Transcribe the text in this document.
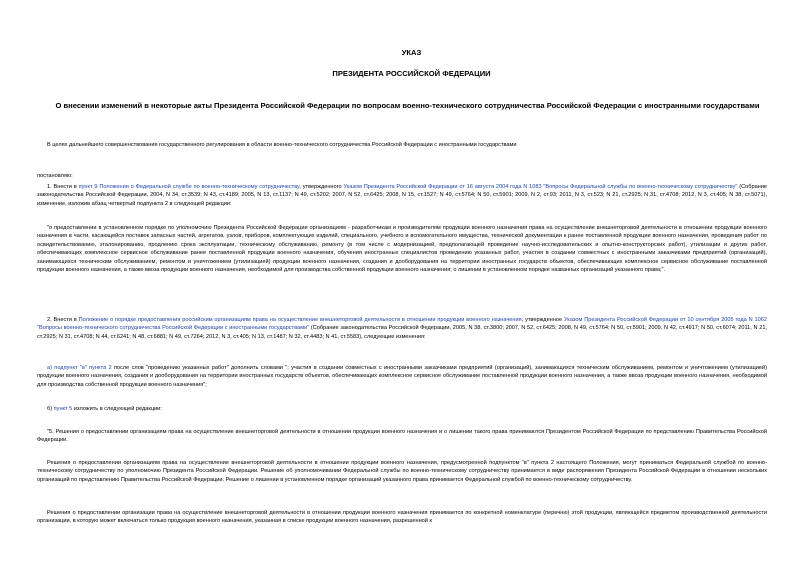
УКАЗ
ПРЕЗИДЕНТА РОССИЙСКОЙ ФЕДЕРАЦИИ
О внесении изменений в некоторые акты Президента Российской Федерации по вопросам военно-технического сотрудничества Российской Федерации с иностранными государствами

В целях дальнейшего совершенствования государственного регулирования в области военно-технического сотрудничества Российской Федерации с иностранными государствами

постановляю:

1. Внести в пункт 9 Положения о Федеральной службе по военно-техническому сотрудничеству, утвержденного Указом Президента Российской Федерации от 16 августа 2004 года N 1083 "Вопросы Федеральной службы по военно-техническому сотрудничеству" (Собрание законодательства Российской Федерации, 2004, N 34, ст.3539; N 43, ст.4189; 2005, N 13, ст.1137; N 49, ст.5202; 2007, N 52, ст.6425; 2008, N 15, ст.1527; N 49, ст.5764; N 50, ст.5901; 2009, N 2, ст.93; 2011, N 3, ст.523; N 21, ст.2925; N 31, ст.4708; 2012, N 3, ст.405; N 38, ст.5071), изменение, изложив абзац четвертый подпункта 2 в следующей редакции:

"о предоставлении в установленном порядке по уполномочию Президента Российской Федерации организациям - разработчикам и производителям продукции военного назначения права на осуществление внешнеторговой деятельности в отношении продукции военного назначения в части, касающейся поставок запасных частей, агрегатов, узлов, приборов, комплектующих изделий, специального, учебного и вспомогательного имущества, технической документации к ранее поставленной продукции военного назначения, проведения работ по освидетельствованию, эталонированию, продлению срока эксплуатации, техническому обслуживанию, ремонту (в том числе с модернизацией, предполагающей проведение научно-исследовательских и опытно-конструкторских работ), утилизации и других работ, обеспечивающих комплексное сервисное обслуживание ранее поставленной продукции военного назначения, обучения иностранных специалистов проведению указанных работ, участия в создании совместных с иностранными заказчиками предприятий (организаций), занимающихся техническим обслуживанием, ремонтом и уничтожением (утилизацией) продукции военного назначения, создания и дооборудования на территории иностранных государств объектов, обеспечивающих комплексное сервисное обслуживание поставленной продукции военного назначения, а также ввоза продукции военного назначения, необходимой для производства собственной продукции военного назначения; о лишении в установленном порядке названных организаций указанного права;".

2. Внести в Положение о порядке предоставления российским организациям права на осуществление внешнеторговой деятельности в отношении продукции военного назначения, утвержденное Указом Президента Российской Федерации от 10 сентября 2005 года N 1062 "Вопросы военно-технического сотрудничества Российской Федерации с иностранными государствами" (Собрание законодательства Российской Федерации, 2005, N 38, ст.3800; 2007, N 52, ст.6425; 2008, N 49, ст.5764; N 50, ст.5901; 2009, N 42, ст.4917; N 50, ст.6074; 2011, N 21, ст.2925; N 31, ст.4708; N 44, ст.6241; N 48, ст.6881; N 49, ст.7264; 2012, N 3, ст.405; N 13, ст.1487; N 32, ст.4483; N 41, ст.5583), следующие изменения:

а) подпункт "в" пункта 2 после слов "проведению указанных работ" дополнить словами "; участия в создании совместных с иностранными заказчиками предприятий (организаций), занимающихся техническим обслуживанием, ремонтом и уничтожением (утилизацией) продукции военного назначения, создания и дооборудования на территории иностранных государств объектов, обеспечивающих комплексное сервисное обслуживание поставленной продукции военного назначения, а также ввоза продукции военного назначения, необходимой для производства собственной продукции военного назначения";

б) пункт 5 изложить в следующей редакции:

"5. Решения о предоставлении организациям права на осуществление внешнеторговой деятельности в отношении продукции военного назначения и о лишении такого права принимаются Президентом Российской Федерации по представлению Правительства Российской Федерации.

Решения о предоставлении организациям права на осуществление внешнеторговой деятельности в отношении продукции военного назначения, предусмотренной подпунктом "в" пункта 2 настоящего Положения, могут приниматься Федеральной службой по военно-техническому сотрудничеству по уполномочию Президента Российской Федерации. Решение об уполномочивании Федеральной службы по военно-техническому сотрудничеству принимается в виде распоряжения Президента Российской Федерации в отношении нескольких организаций по представлению Правительства Российской Федерации. Решение о лишении в установленном порядке организаций указанного права принимается Федеральной службой по военно-техническому сотрудничеству.

Решения о предоставлении организации права на осуществление внешнеторговой деятельности в отношении продукции военного назначения принимается по конкретной номенклатуре (перечню) этой продукции, являющейся предметом производственной деятельности организации, в которую может включаться только продукция военного назначения, указанная в списке продукции военного назначения, разрешенной к
